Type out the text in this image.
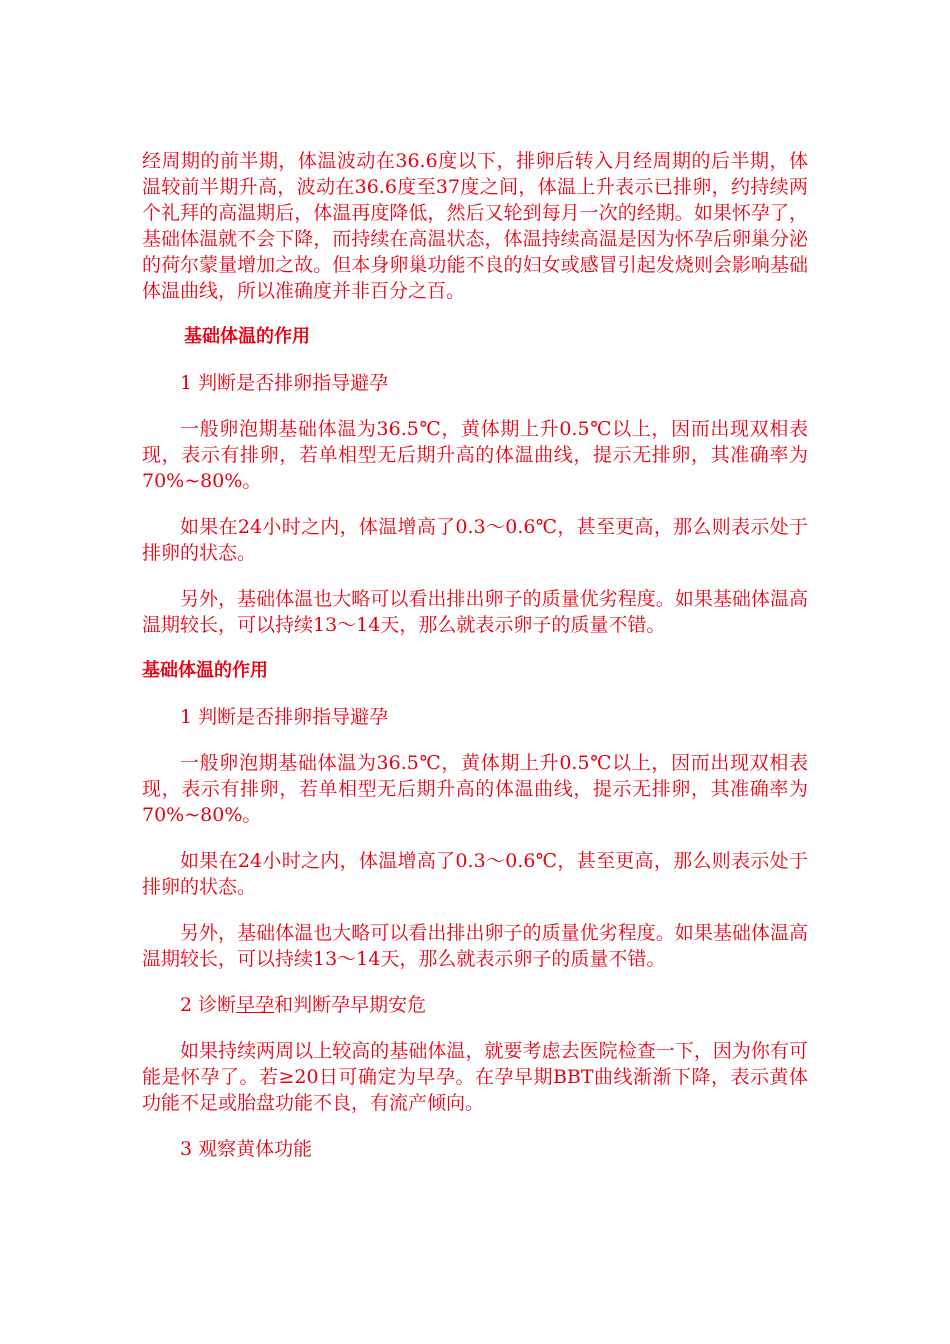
经周期的前半期，体温波动在36.6度以下，排卵后转入月经周期的后半期，体温较前半期升高，波动在36.6度至37度之间，体温上升表示已排卵，约持续两个礼拜的高温期后，体温再度降低，然后又轮到每月一次的经期。如果怀孕了，基础体温就不会下降，而持续在高温状态，体温持续高温是因为怀孕后卵巢分泌的荷尔蒙量增加之故。但本身卵巢功能不良的妇女或感冒引起发烧则会影响基础体温曲线，所以准确度并非百分之百。

基础体温的作用

1 判断是否排卵指导避孕

一般卵泡期基础体温为36.5℃，黄体期上升0.5℃以上，因而出现双相表现，表示有排卵，若单相型无后期升高的体温曲线，提示无排卵，其准确率为70%~80%。

如果在24小时之内，体温增高了0.3～0.6℃，甚至更高，那么则表示处于排卵的状态。

另外，基础体温也大略可以看出排出卵子的质量优劣程度。如果基础体温高温期较长，可以持续13～14天，那么就表示卵子的质量不错。

基础体温的作用

1 判断是否排卵指导避孕

一般卵泡期基础体温为36.5℃，黄体期上升0.5℃以上，因而出现双相表现，表示有排卵，若单相型无后期升高的体温曲线，提示无排卵，其准确率为70%~80%。

如果在24小时之内，体温增高了0.3～0.6℃，甚至更高，那么则表示处于排卵的状态。

另外，基础体温也大略可以看出排出卵子的质量优劣程度。如果基础体温高温期较长，可以持续13～14天，那么就表示卵子的质量不错。

2 诊断早孕和判断孕早期安危

如果持续两周以上较高的基础体温，就要考虑去医院检查一下，因为你有可能是怀孕了。若≥20日可确定为早孕。在孕早期BBT曲线渐渐下降，表示黄体功能不足或胎盘功能不良，有流产倾向。

3 观察黄体功能
